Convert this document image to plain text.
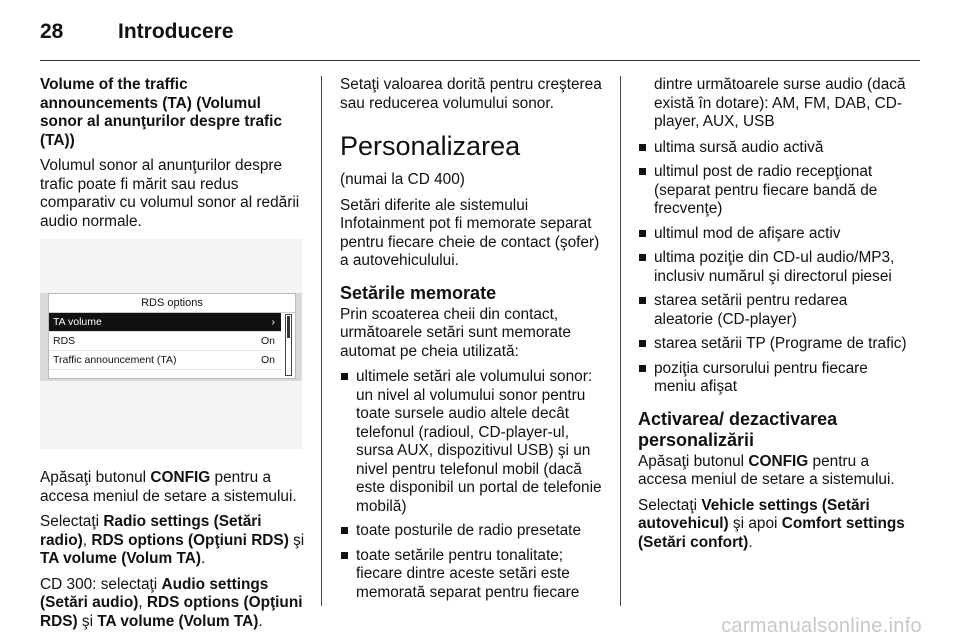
28	Introducere

Volume of the traffic announcements (TA) (Volumul sonor al anunţurilor despre trafic (TA))

Volumul sonor al anunţurilor despre trafic poate fi mărit sau redus comparativ cu volumul sonor al redării audio normale.

RDS options
TA volume	›
RDS	On
Traffic announcement (TA)	On

Apăsaţi butonul CONFIG pentru a accesa meniul de setare a sistemului.

Selectaţi Radio settings (Setări radio), RDS options (Opţiuni RDS) şi TA volume (Volum TA).

CD 300: selectaţi Audio settings (Setări audio), RDS options (Opţiuni RDS) şi TA volume (Volum TA).

Setaţi valoarea dorită pentru creşterea sau reducerea volumului sonor.

Personalizarea

(numai la CD 400)

Setări diferite ale sistemului Infotainment pot fi memorate separat pentru fiecare cheie de contact (şofer) a autovehiculului.

Setările memorate

Prin scoaterea cheii din contact, următoarele setări sunt memorate automat pe cheia utilizată:

ultimele setări ale volumului sonor: un nivel al volumului sonor pentru toate sursele audio altele decât telefonul (radioul, CD-player-ul, sursa AUX, dispozitivul USB) şi un nivel pentru telefonul mobil (dacă este disponibil un portal de telefonie mobilă)
toate posturile de radio presetate
toate setările pentru tonalitate; fiecare dintre aceste setări este memorată separat pentru fiecare

dintre următoarele surse audio (dacă există în dotare): AM, FM, DAB, CD-player, AUX, USB

ultima sursă audio activă
ultimul post de radio recepţionat (separat pentru fiecare bandă de frecvenţe)
ultimul mod de afişare activ
ultima poziţie din CD-ul audio/MP3, inclusiv numărul şi directorul piesei
starea setării pentru redarea aleatorie (CD-player)
starea setării TP (Programe de trafic)
poziţia cursorului pentru fiecare meniu afişat
Activarea/ dezactivarea personalizării

Apăsaţi butonul CONFIG pentru a accesa meniul de setare a sistemului.

Selectaţi Vehicle settings (Setări autovehicul) şi apoi Comfort settings (Setări confort).

carmanualsonline.info
